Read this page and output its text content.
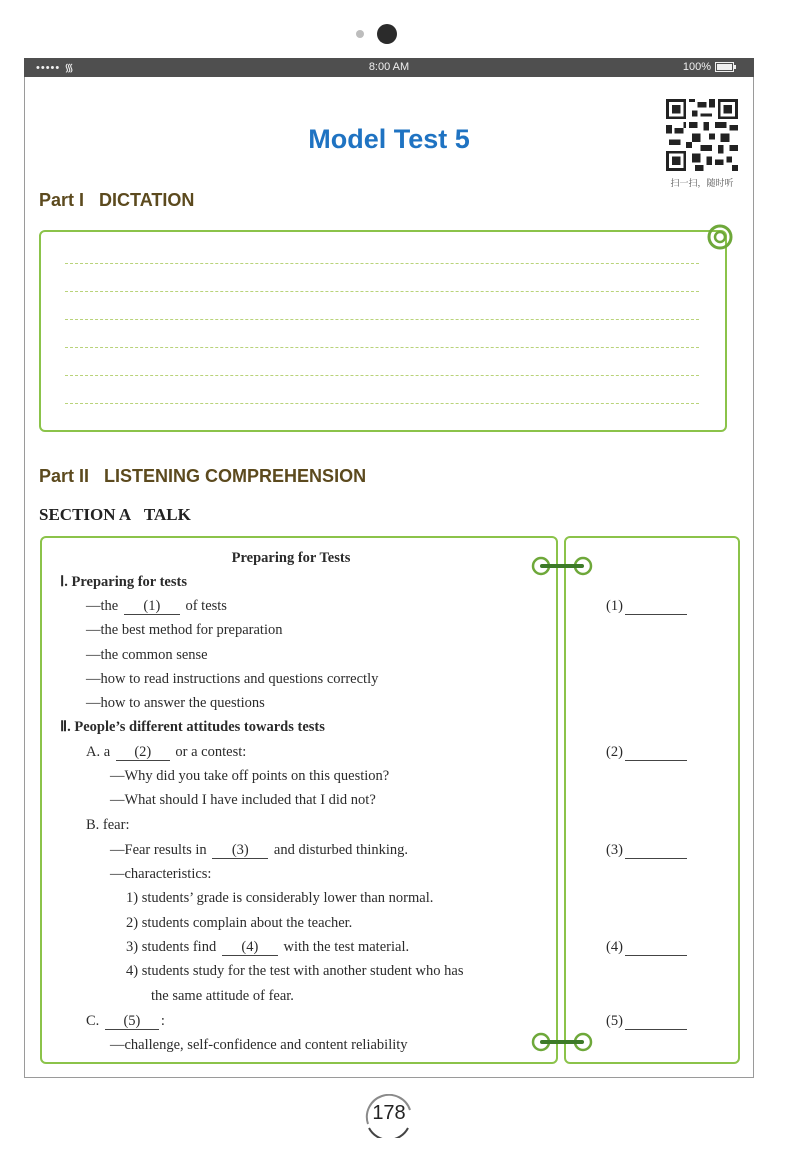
••••• ᯾	8:00 AM	100%
Model Test 5
扫一扫，随时听
Part I DICTATION
Part II LISTENING COMPREHENSION
SECTION A TALK
Preparing for Tests
Ⅰ. Preparing for tests
—the (1) of tests
—the best method for preparation
—the common sense
—how to read instructions and questions correctly
—how to answer the questions
Ⅱ. People’s different attitudes towards tests
A. a (2) or a contest:
—Why did you take off points on this question?
—What should I have included that I did not?
B. fear:
—Fear results in (3) and disturbed thinking.
—characteristics:
1) students’ grade is considerably lower than normal.
2) students complain about the teacher.
3) students find (4) with the test material.
4) students study for the test with another student who has
the same attitude of fear.
C. (5) :
—challenge, self-confidence and content reliability
(1)
(2)
(3)
(4)
(5)
178
